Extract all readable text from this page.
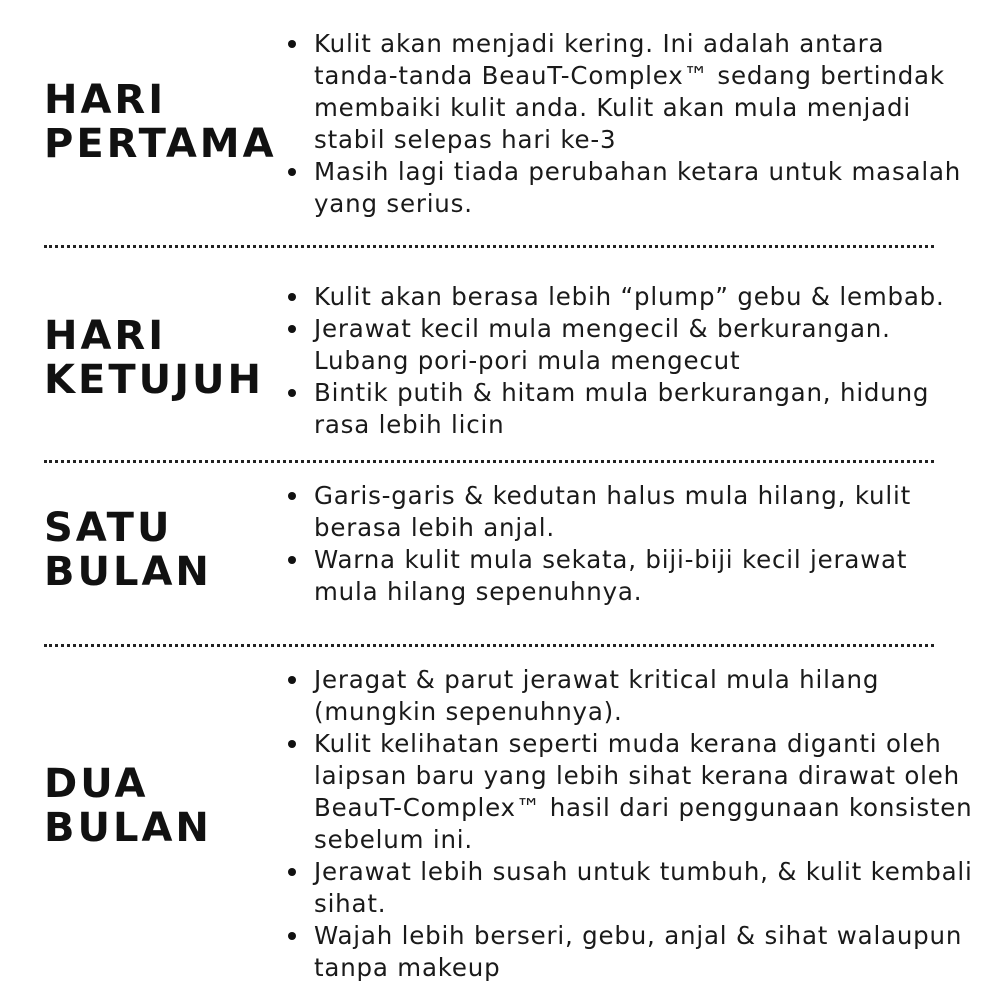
HARI
PERTAMA
Kulit akan menjadi kering. Ini adalah antara tanda-tanda BeauT-Complex™ sedang bertindak membaiki kulit anda. Kulit akan mula menjadi stabil selepas hari ke-3
Masih lagi tiada perubahan ketara untuk masalah yang serius.
HARI
KETUJUH
Kulit akan berasa lebih “plump” gebu & lembab.
Jerawat kecil mula mengecil & berkurangan. Lubang pori-pori mula mengecut
Bintik putih & hitam mula berkurangan, hidung rasa lebih licin
SATU
BULAN
Garis-garis & kedutan halus mula hilang, kulit berasa lebih anjal.
Warna kulit mula sekata, biji-biji kecil jerawat mula hilang sepenuhnya.
DUA
BULAN
Jeragat & parut jerawat kritical mula hilang (mungkin sepenuhnya).
Kulit kelihatan seperti muda kerana diganti oleh laipsan baru yang lebih sihat kerana dirawat oleh BeauT-Complex™ hasil dari penggunaan konsisten sebelum ini.
Jerawat lebih susah untuk tumbuh, & kulit kembali sihat.
Wajah lebih berseri, gebu, anjal & sihat walaupun tanpa makeup
